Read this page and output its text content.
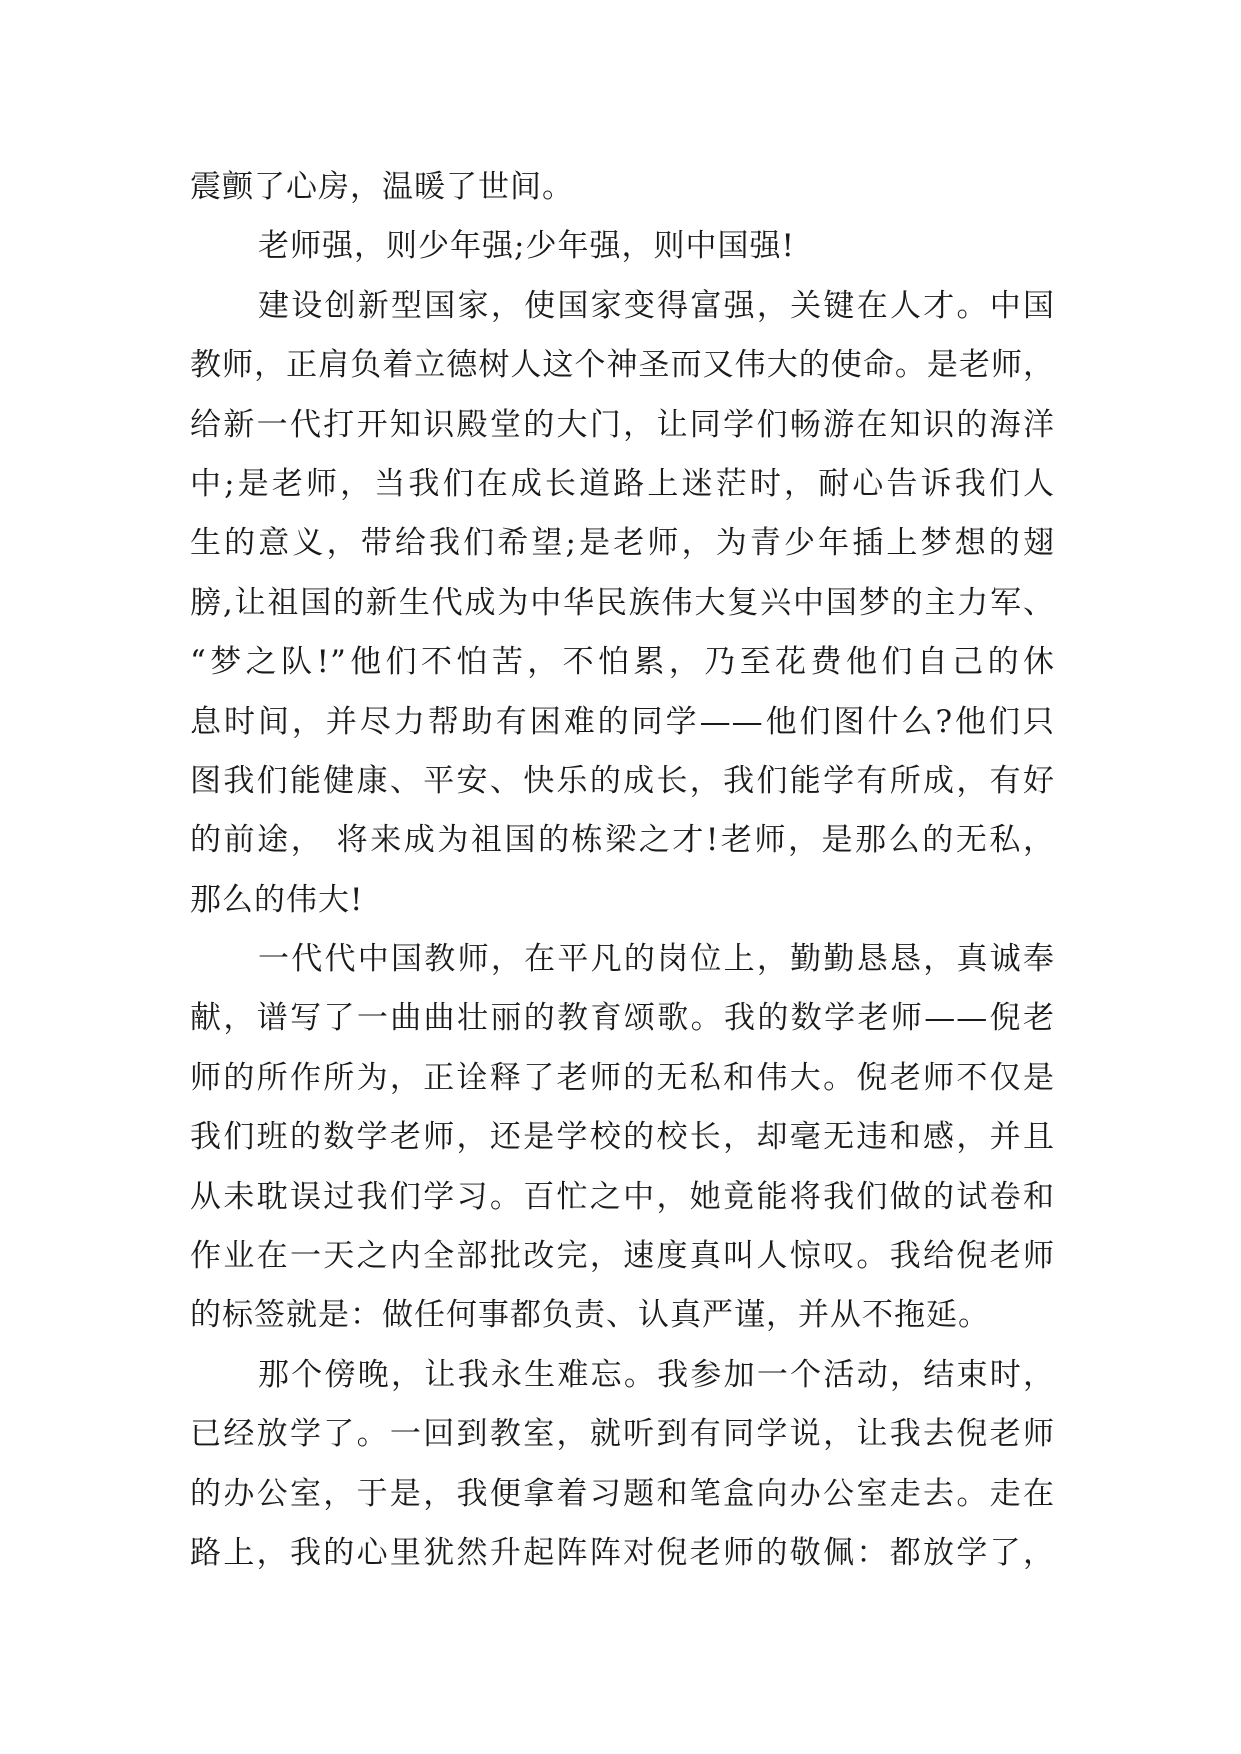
震颤了心房，温暖了世间。
老师强，则少年强;少年强，则中国强!
建设创新型国家，使国家变得富强，关键在人才。中国
教师，正肩负着立德树人这个神圣而又伟大的使命。是老师，
给新一代打开知识殿堂的大门，让同学们畅游在知识的海洋
中;是老师，当我们在成长道路上迷茫时，耐心告诉我们人
生的意义，带给我们希望;是老师，为青少年插上梦想的翅
膀,让祖国的新生代成为中华民族伟大复兴中国梦的主力军、
“梦之队!”他们不怕苦，不怕累，乃至花费他们自己的休
息时间，并尽力帮助有困难的同学——他们图什么?他们只
图我们能健康、平安、快乐的成长，我们能学有所成，有好
的前途， 将来成为祖国的栋梁之才!老师，是那么的无私，
那么的伟大!
一代代中国教师，在平凡的岗位上，勤勤恳恳，真诚奉
献，谱写了一曲曲壮丽的教育颂歌。我的数学老师——倪老
师的所作所为，正诠释了老师的无私和伟大。倪老师不仅是
我们班的数学老师，还是学校的校长，却毫无违和感，并且
从未耽误过我们学习。百忙之中，她竟能将我们做的试卷和
作业在一天之内全部批改完，速度真叫人惊叹。我给倪老师
的标签就是：做任何事都负责、认真严谨，并从不拖延。
那个傍晚，让我永生难忘。我参加一个活动，结束时，
已经放学了。一回到教室，就听到有同学说，让我去倪老师
的办公室，于是，我便拿着习题和笔盒向办公室走去。走在
路上，我的心里犹然升起阵阵对倪老师的敬佩：都放学了，
